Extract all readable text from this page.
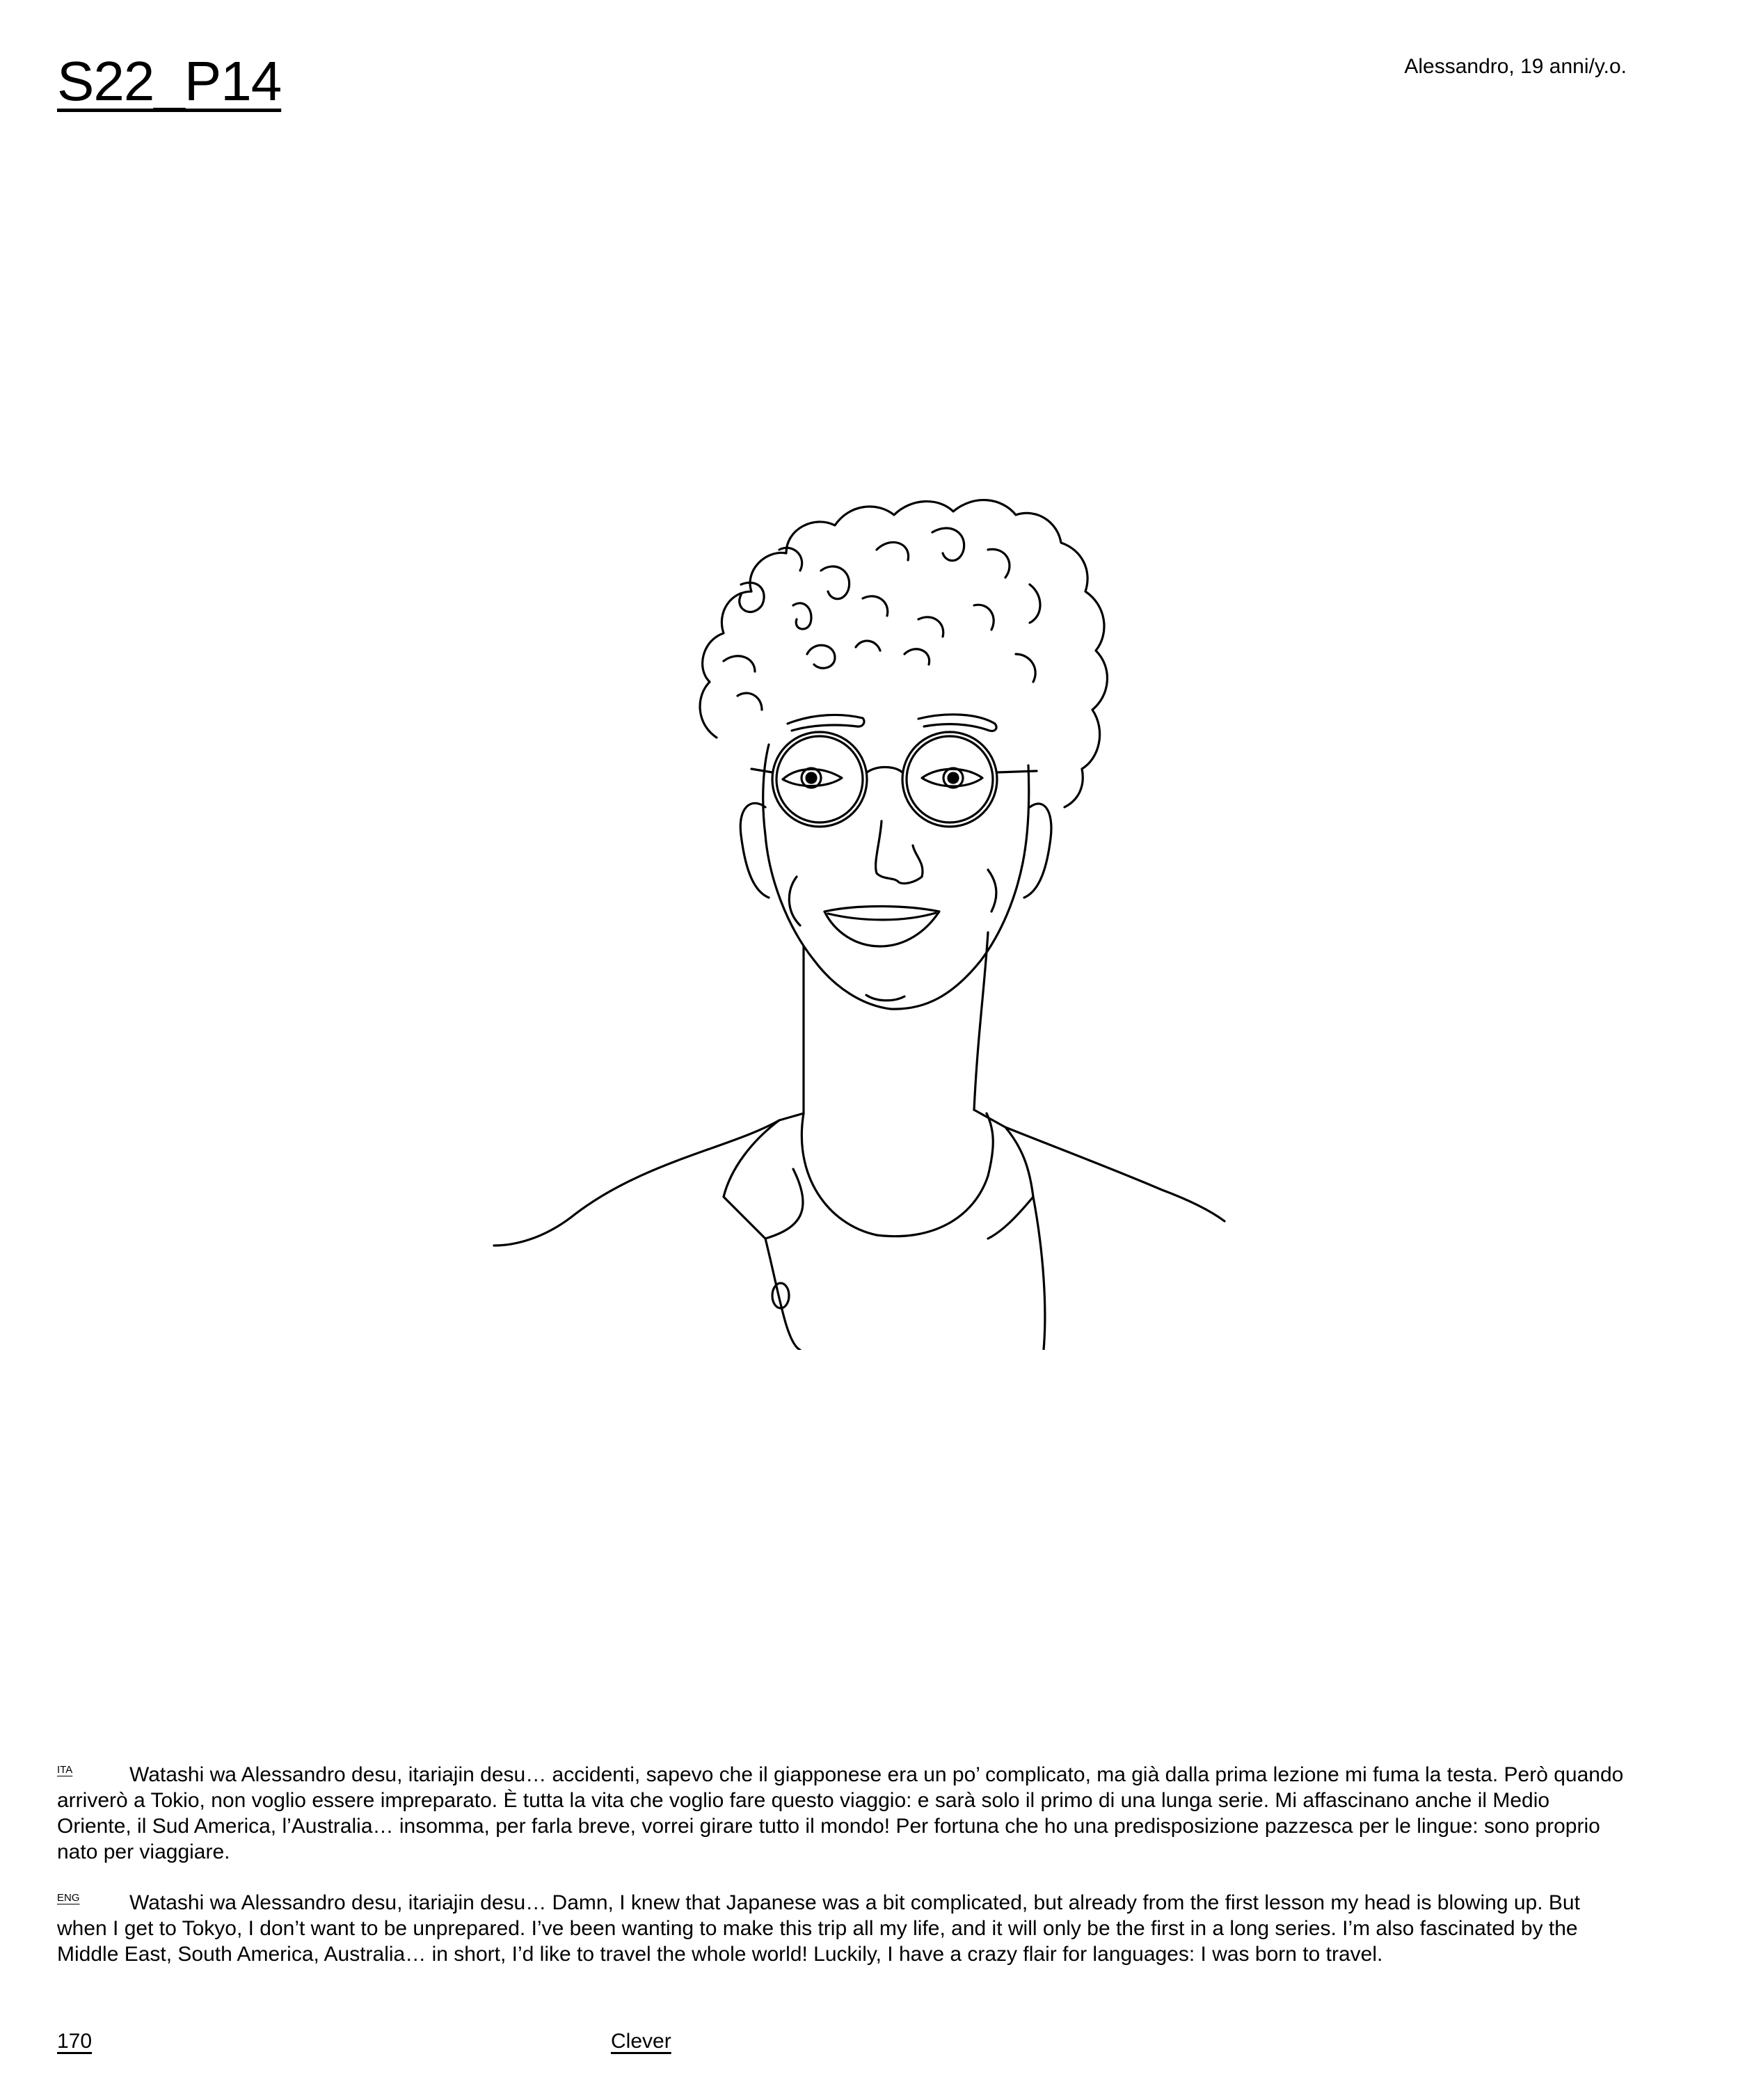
S22_P14	Alessandro, 19 anni/y.o.
ITA	Watashi wa Alessandro desu, itariajin desu… accidenti, sapevo che il giapponese era un po’ complicato, ma già dalla prima lezione mi fuma la testa. Però quando arriverò a Tokio, non voglio essere impreparato. È tutta la vita che voglio fare questo viaggio: e sarà solo il primo di una lunga serie. Mi affascinano anche il Medio Oriente, il Sud America, l’Australia… insomma, per farla breve, vorrei girare tutto il mondo! Per fortuna che ho una predisposizione pazzesca per le lingue: sono proprio nato per viaggiare.
ENG Watashi wa Alessandro desu, itariajin desu… Damn, I knew that Japanese was a bit complicated, but already from the first lesson my head is blowing up. But when I get to Tokyo, I don’t want to be unprepared. I’ve been wanting to make this trip all my life, and it will only be the first in a long series. I’m also fascinated by the Middle East, South America, Australia… in short, I’d like to travel the whole world! Luckily, I have a crazy flair for languages: I was born to travel.
170	Clever
